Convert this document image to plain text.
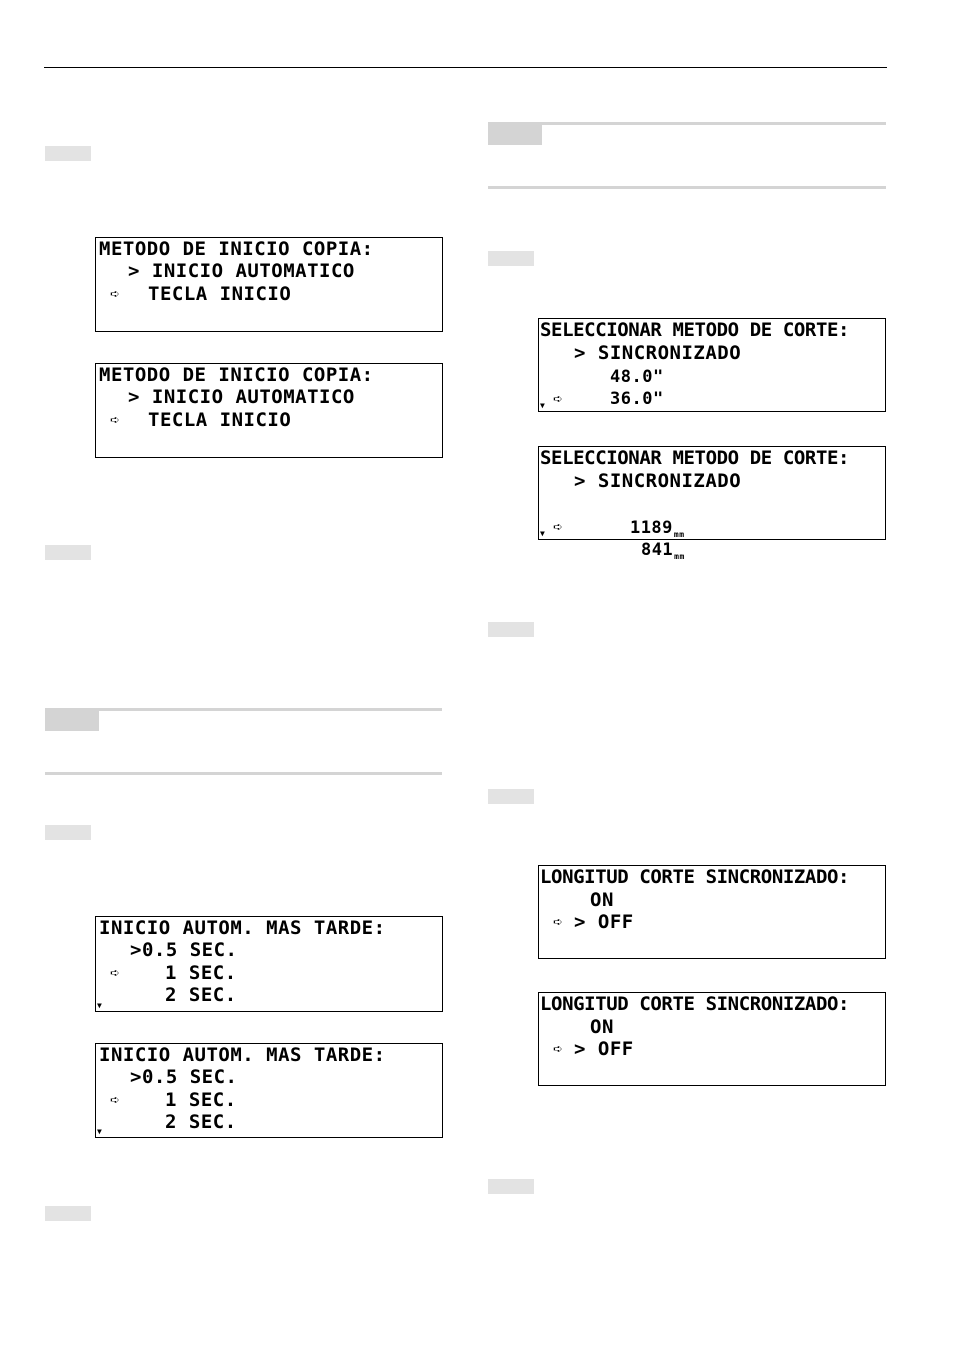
METODO DE INICIO COPIA:
> INICIO AUTOMATICO
➪ TECLA INICIO
METODO DE INICIO COPIA:
> INICIO AUTOMATICO
➪ TECLA INICIO
INICIO AUTOM. MAS TARDE:
>0.5 SEC.
➪ 1 SEC.
2 SEC.
▼
INICIO AUTOM. MAS TARDE:
>0.5 SEC.
➪ 1 SEC.
2 SEC.
▼
SELECCIONAR METODO DE CORTE:
> SINCRONIZADO
48.0"
➪	36.0"
▼
SELECCIONAR METODO DE CORTE:
> SINCRONIZADO

1189mm

➪

841mm

▼
LONGITUD CORTE SINCRONIZADO:
ON
➪ > OFF
LONGITUD CORTE SINCRONIZADO:
ON
➪ > OFF
